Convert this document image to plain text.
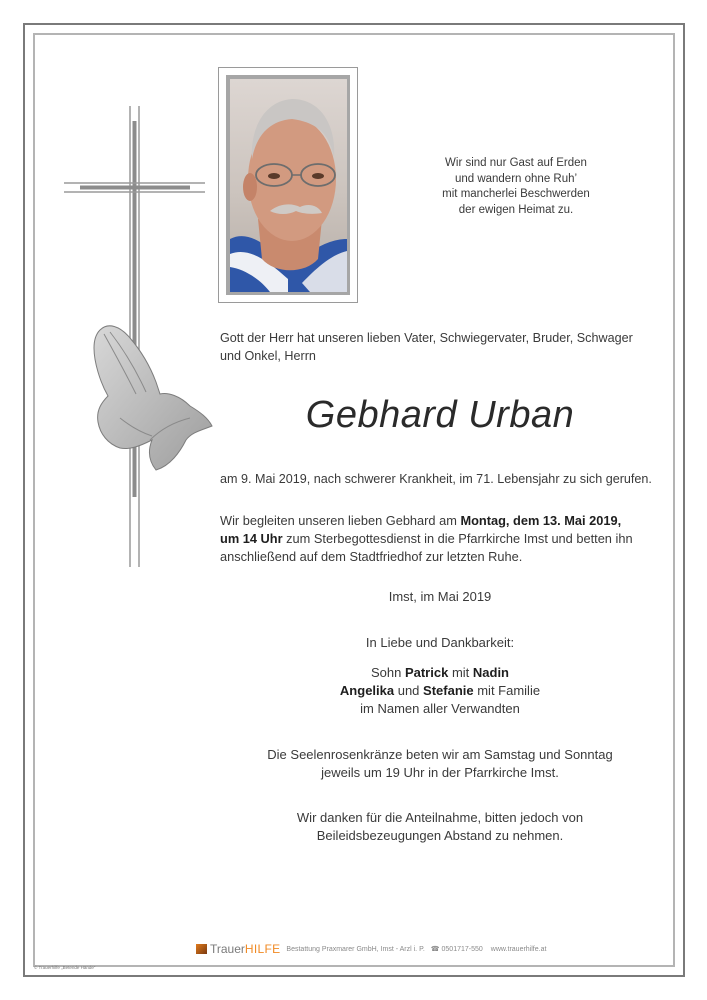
Wir sind nur Gast auf Erden
und wandern ohne Ruh’
mit mancherlei Beschwerden
der ewigen Heimat zu.
Gott der Herr hat unseren lieben Vater, Schwiegervater, Bruder, Schwager
und Onkel, Herrn
Gebhard Urban
am 9. Mai 2019, nach schwerer Krankheit, im 71. Lebensjahr zu sich gerufen.
Wir begleiten unseren lieben Gebhard am Montag, dem 13. Mai 2019,
um 14 Uhr zum Sterbegottesdienst in die Pfarrkirche Imst und betten ihn
anschließend auf dem Stadtfriedhof zur letzten Ruhe.
Imst, im Mai 2019
In Liebe und Dankbarkeit:
Sohn Patrick mit Nadin
Angelika und Stefanie mit Familie
im Namen aller Verwandten
Die Seelenrosenkränze beten wir am Samstag und Sonntag
jeweils um 19 Uhr in der Pfarrkirche Imst.
Wir danken für die Anteilnahme, bitten jedoch von
Beileidsbezeugungen Abstand zu nehmen.
Trauer HILFE Bestattung Praxmarer GmbH, Imst - Arzl i. P. ☎ 0501717-550 www.trauerhilfe.at
© Trauerhilfe „Betende Hände“
